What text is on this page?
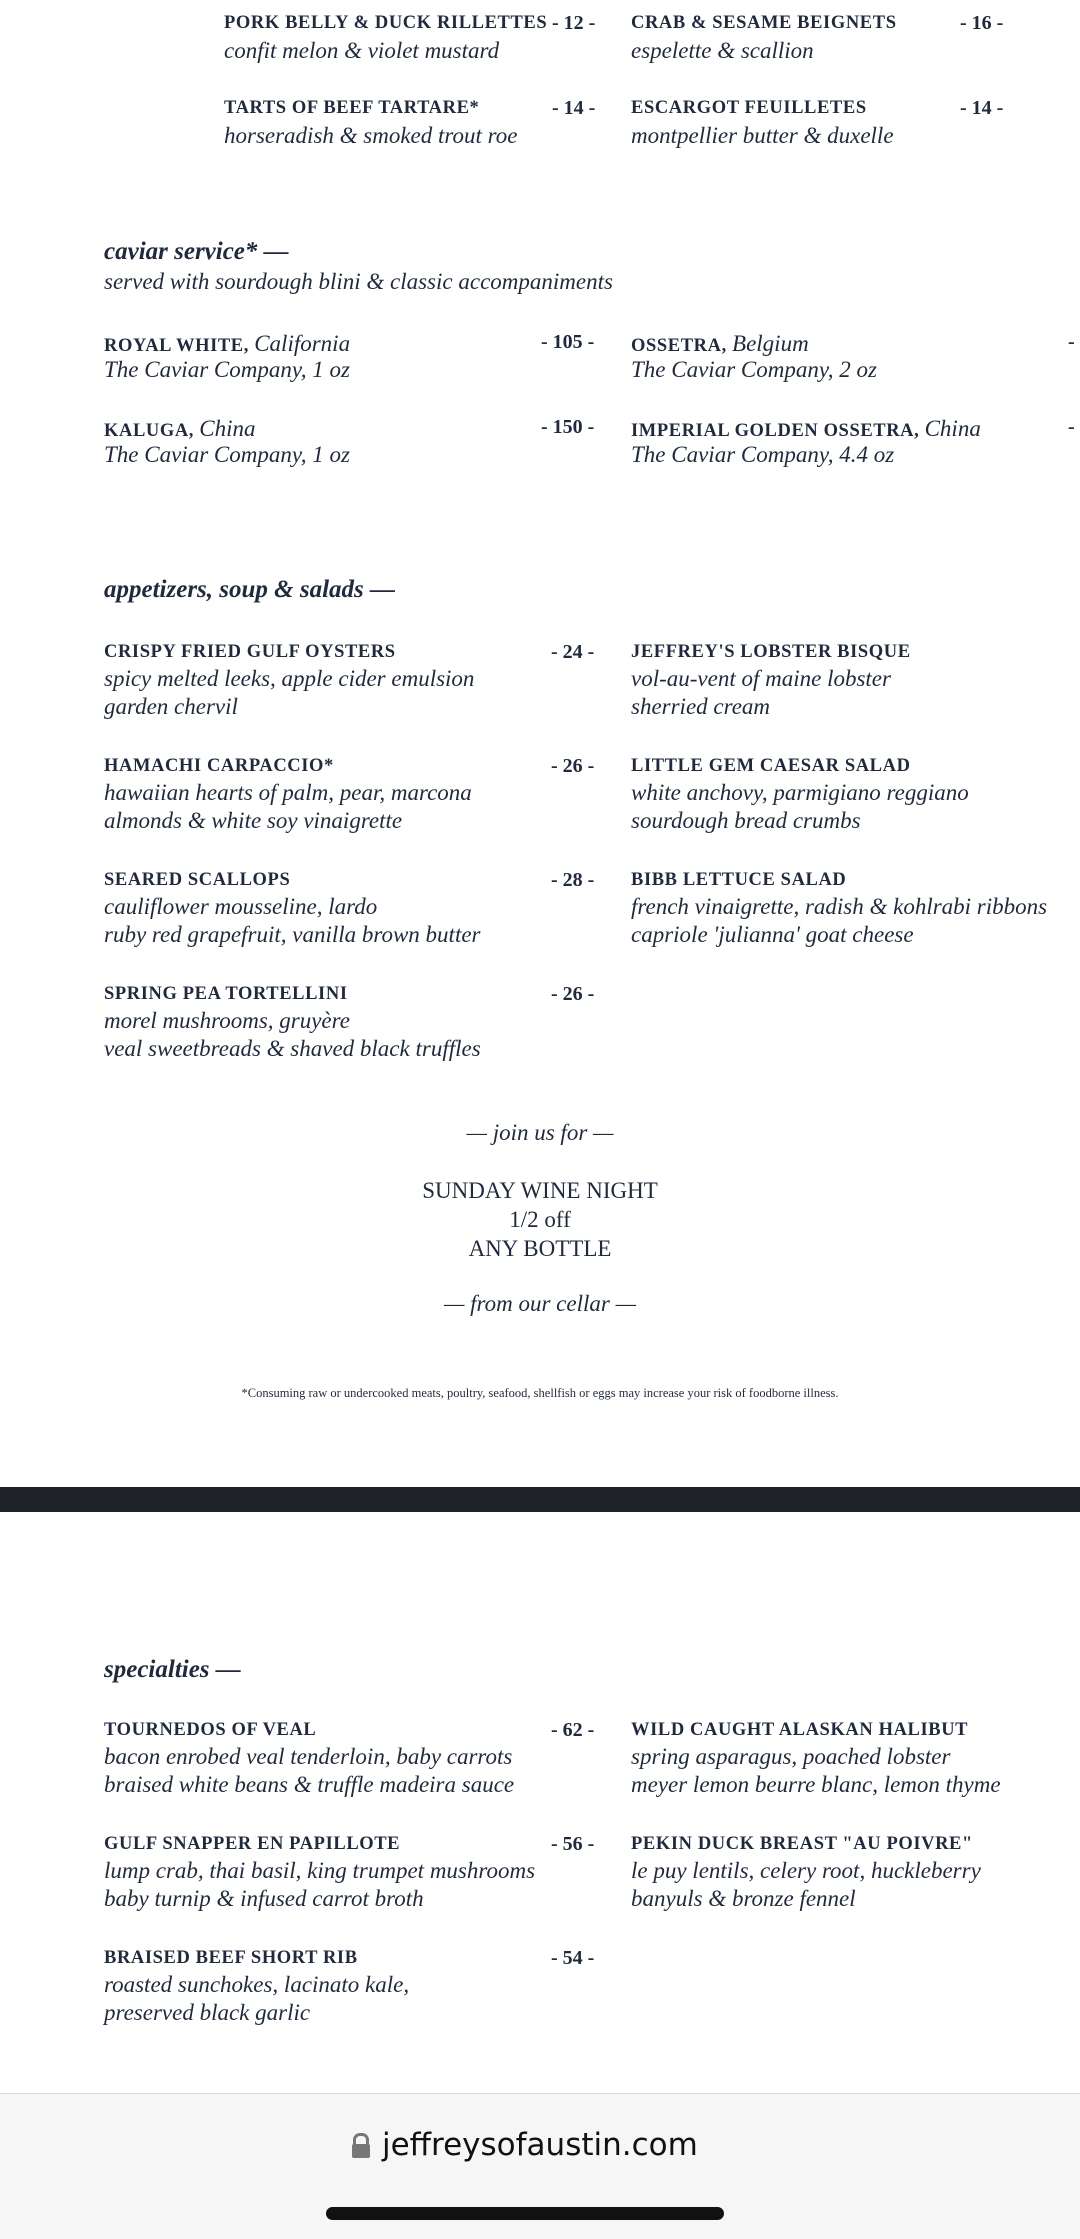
PORK BELLY & DUCK RILLETTES - 12 -
confit melon & violet mustard
CRAB & SESAME BEIGNETS	- 16 -
espelette & scallion
TARTS OF BEEF TARTARE*	- 14 -
horseradish & smoked trout roe
ESCARGOT FEUILLETES	- 14 -
montpellier butter & duxelle
caviar service* —
served with sourdough blini & classic accompaniments
ROYAL WHITE, California	- 105 -
The Caviar Company, 1 oz
OSSETRA, Belgium	-
The Caviar Company, 2 oz
KALUGA, China	- 150 -
The Caviar Company, 1 oz
IMPERIAL GOLDEN OSSETRA, China	-
The Caviar Company, 4.4 oz
appetizers, soup & salads —
CRISPY FRIED GULF OYSTERS	- 24 -
spicy melted leeks, apple cider emulsion
garden chervil
JEFFREY'S LOBSTER BISQUE
vol-au-vent of maine lobster
sherried cream
HAMACHI CARPACCIO*	- 26 -
hawaiian hearts of palm, pear, marcona
almonds & white soy vinaigrette
LITTLE GEM CAESAR SALAD
white anchovy, parmigiano reggiano
sourdough bread crumbs
SEARED SCALLOPS	- 28 -
cauliflower mousseline, lardo
ruby red grapefruit, vanilla brown butter
BIBB LETTUCE SALAD
french vinaigrette, radish & kohlrabi ribbons
capriole 'julianna' goat cheese
SPRING PEA TORTELLINI	- 26 -
morel mushrooms, gruyère
veal sweetbreads & shaved black truffles
— join us for —
SUNDAY WINE NIGHT
1/2 off
ANY BOTTLE
— from our cellar —
*Consuming raw or undercooked meats, poultry, seafood, shellfish or eggs may increase your risk of foodborne illness.
specialties —
TOURNEDOS OF VEAL	- 62 -
bacon enrobed veal tenderloin, baby carrots
braised white beans & truffle madeira sauce
WILD CAUGHT ALASKAN HALIBUT
spring asparagus, poached lobster
meyer lemon beurre blanc, lemon thyme
GULF SNAPPER EN PAPILLOTE	- 56 -
lump crab, thai basil, king trumpet mushrooms
baby turnip & infused carrot broth
PEKIN DUCK BREAST "AU POIVRE"
le puy lentils, celery root, huckleberry
banyuls & bronze fennel
BRAISED BEEF SHORT RIB	- 54 -
roasted sunchokes, lacinato kale,
preserved black garlic
jeffreysofaustin.com
